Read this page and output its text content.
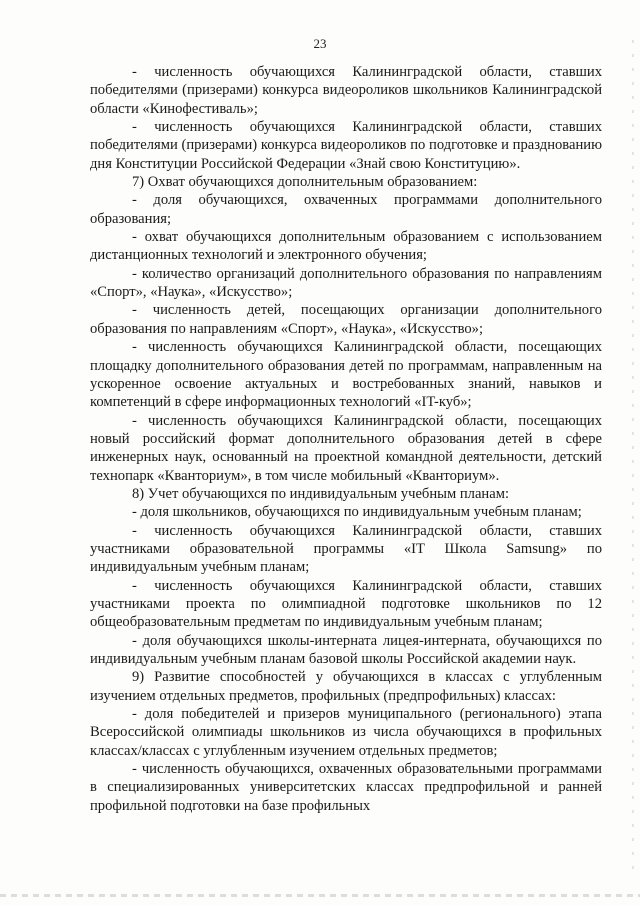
23

- численность обучающихся Калининградской области, ставших победителями (призерами) конкурса видеороликов школьников Калининградской области «Кинофестиваль»;

- численность обучающихся Калининградской области, ставших победителями (призерами) конкурса видеороликов по подготовке и празднованию дня Конституции Российской Федерации «Знай свою Конституцию».

7) Охват обучающихся дополнительным образованием:

- доля обучающихся, охваченных программами дополнительного образования;

- охват обучающихся дополнительным образованием с использованием дистанционных технологий и электронного обучения;

- количество организаций дополнительного образования по направлениям «Спорт», «Наука», «Искусство»;

- численность детей, посещающих организации дополнительного образования по направлениям «Спорт», «Наука», «Искусство»;

- численность обучающихся Калининградской области, посещающих площадку дополнительного образования детей по программам, направленным на ускоренное освоение актуальных и востребованных знаний, навыков и компетенций в сфере информационных технологий «IT-куб»;

- численность обучающихся Калининградской области, посещающих новый российский формат дополнительного образования детей в сфере инженерных наук, основанный на проектной командной деятельности, детский технопарк «Кванториум», в том числе мобильный «Кванториум».

8) Учет обучающихся по индивидуальным учебным планам:

- доля школьников, обучающихся по индивидуальным учебным планам;

- численность обучающихся Калининградской области, ставших участниками образовательной программы «IT Школа Samsung» по индивидуальным учебным планам;

- численность обучающихся Калининградской области, ставших участниками проекта по олимпиадной подготовке школьников по 12 общеобразовательным предметам по индивидуальным учебным планам;

- доля обучающихся школы-интерната лицея-интерната, обучающихся по индивидуальным учебным планам базовой школы Российской академии наук.

9) Развитие способностей у обучающихся в классах с углубленным изучением отдельных предметов, профильных (предпрофильных) классах:

- доля победителей и призеров муниципального (регионального) этапа Всероссийской олимпиады школьников из числа обучающихся в профильных классах/классах с углубленным изучением отдельных предметов;

- численность обучающихся, охваченных образовательными программами в специализированных университетских классах предпрофильной и ранней профильной подготовки на базе профильных
